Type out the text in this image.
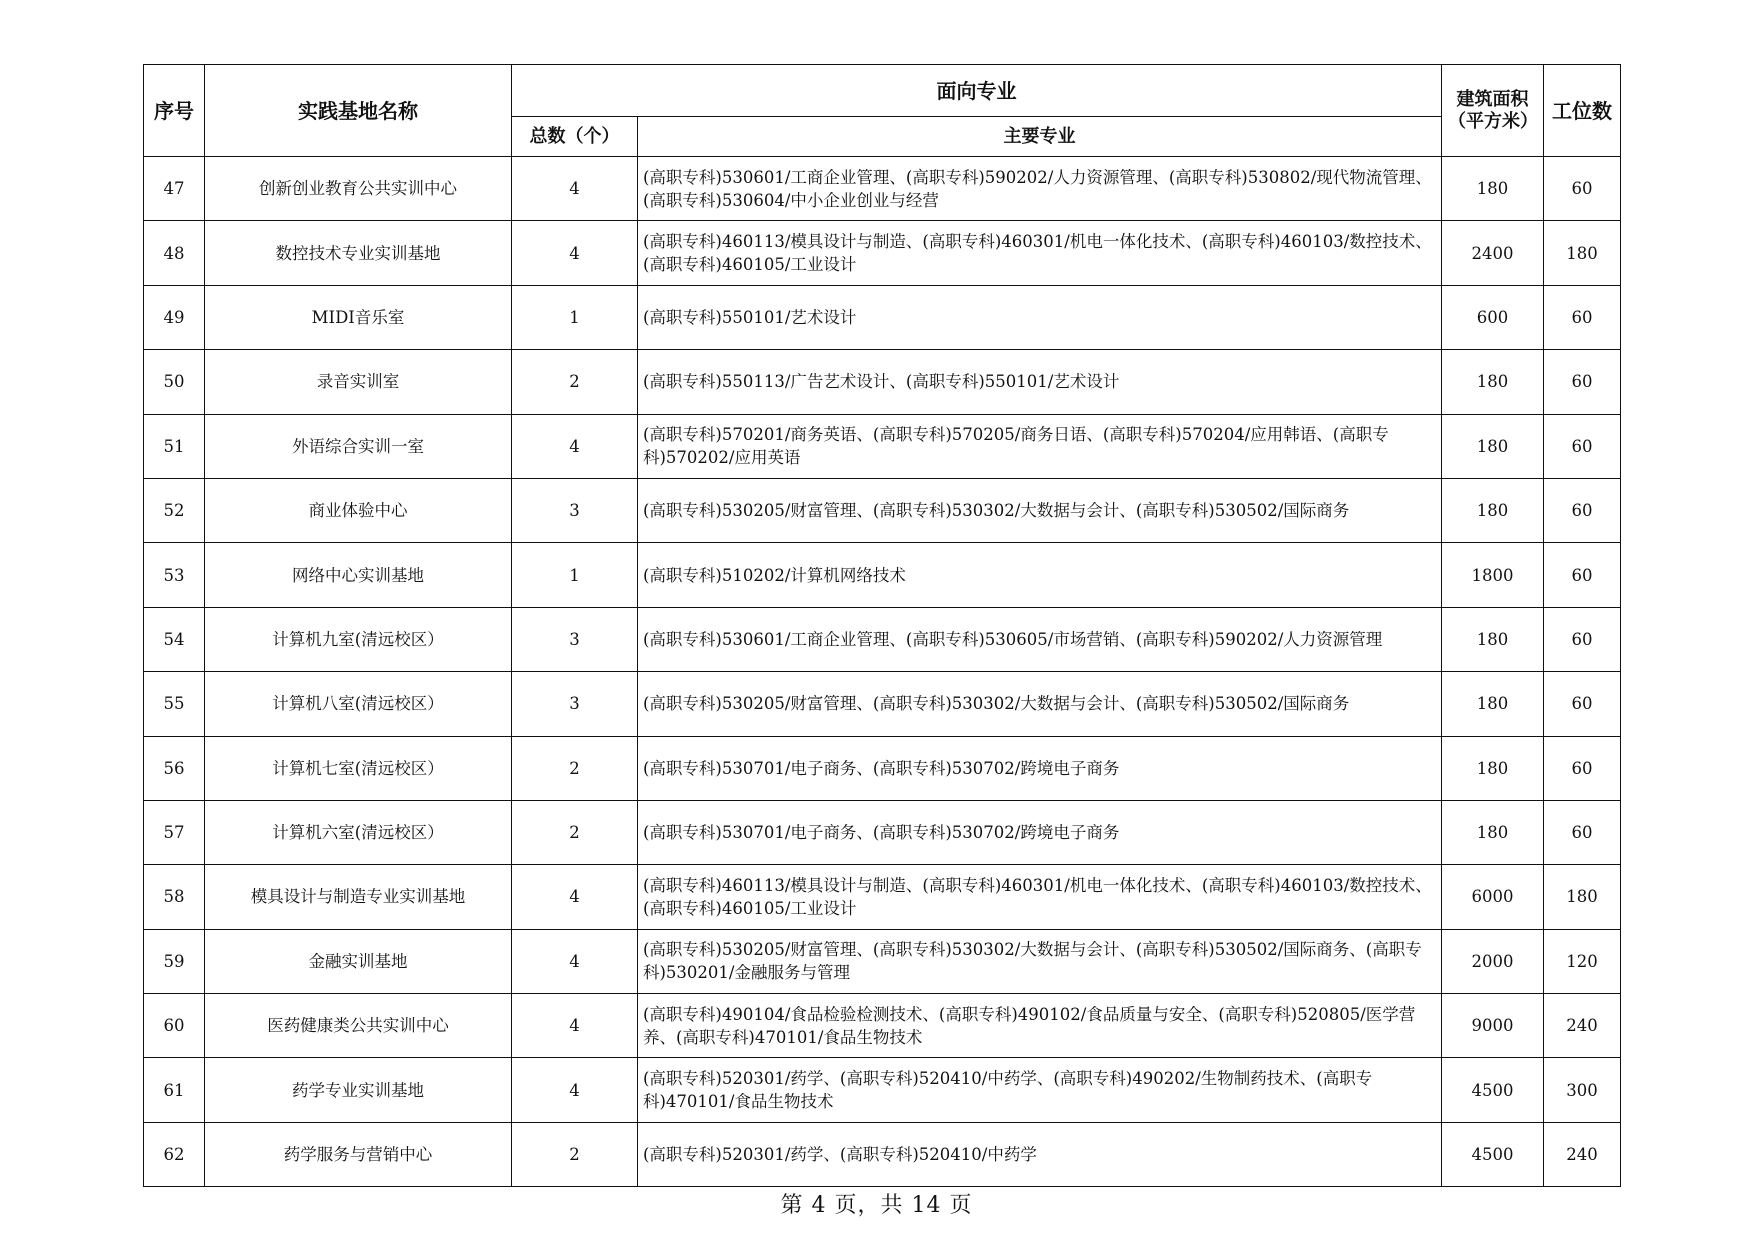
序号	实践基地名称	面向专业		建筑面积（平方米）	工位数
		总数（个）	主要专业		
47	创新创业教育公共实训中心	4	(高职专科)530601/工商企业管理、(高职专科)590202/人力资源管理、(高职专科)530802/现代物流管理、(高职专科)530604/中小企业创业与经营	180	60
48	数控技术专业实训基地	4	(高职专科)460113/模具设计与制造、(高职专科)460301/机电一体化技术、(高职专科)460103/数控技术、(高职专科)460105/工业设计	2400	180
49	MIDI音乐室	1	(高职专科)550101/艺术设计	600	60
50	录音实训室	2	(高职专科)550113/广告艺术设计、(高职专科)550101/艺术设计	180	60
51	外语综合实训一室	4	(高职专科)570201/商务英语、(高职专科)570205/商务日语、(高职专科)570204/应用韩语、(高职专科)570202/应用英语	180	60
52	商业体验中心	3	(高职专科)530205/财富管理、(高职专科)530302/大数据与会计、(高职专科)530502/国际商务	180	60
53	网络中心实训基地	1	(高职专科)510202/计算机网络技术	1800	60
54	计算机九室(清远校区）	3	(高职专科)530601/工商企业管理、(高职专科)530605/市场营销、(高职专科)590202/人力资源管理	180	60
55	计算机八室(清远校区）	3	(高职专科)530205/财富管理、(高职专科)530302/大数据与会计、(高职专科)530502/国际商务	180	60
56	计算机七室(清远校区）	2	(高职专科)530701/电子商务、(高职专科)530702/跨境电子商务	180	60
57	计算机六室(清远校区）	2	(高职专科)530701/电子商务、(高职专科)530702/跨境电子商务	180	60
58	模具设计与制造专业实训基地	4	(高职专科)460113/模具设计与制造、(高职专科)460301/机电一体化技术、(高职专科)460103/数控技术、(高职专科)460105/工业设计	6000	180
59	金融实训基地	4	(高职专科)530205/财富管理、(高职专科)530302/大数据与会计、(高职专科)530502/国际商务、(高职专科)530201/金融服务与管理	2000	120
60	医药健康类公共实训中心	4	(高职专科)490104/食品检验检测技术、(高职专科)490102/食品质量与安全、(高职专科)520805/医学营养、(高职专科)470101/食品生物技术	9000	240
61	药学专业实训基地	4	(高职专科)520301/药学、(高职专科)520410/中药学、(高职专科)490202/生物制药技术、(高职专科)470101/食品生物技术	4500	300
62	药学服务与营销中心	2	(高职专科)520301/药学、(高职专科)520410/中药学	4500	240
第 4 页，共 14 页
